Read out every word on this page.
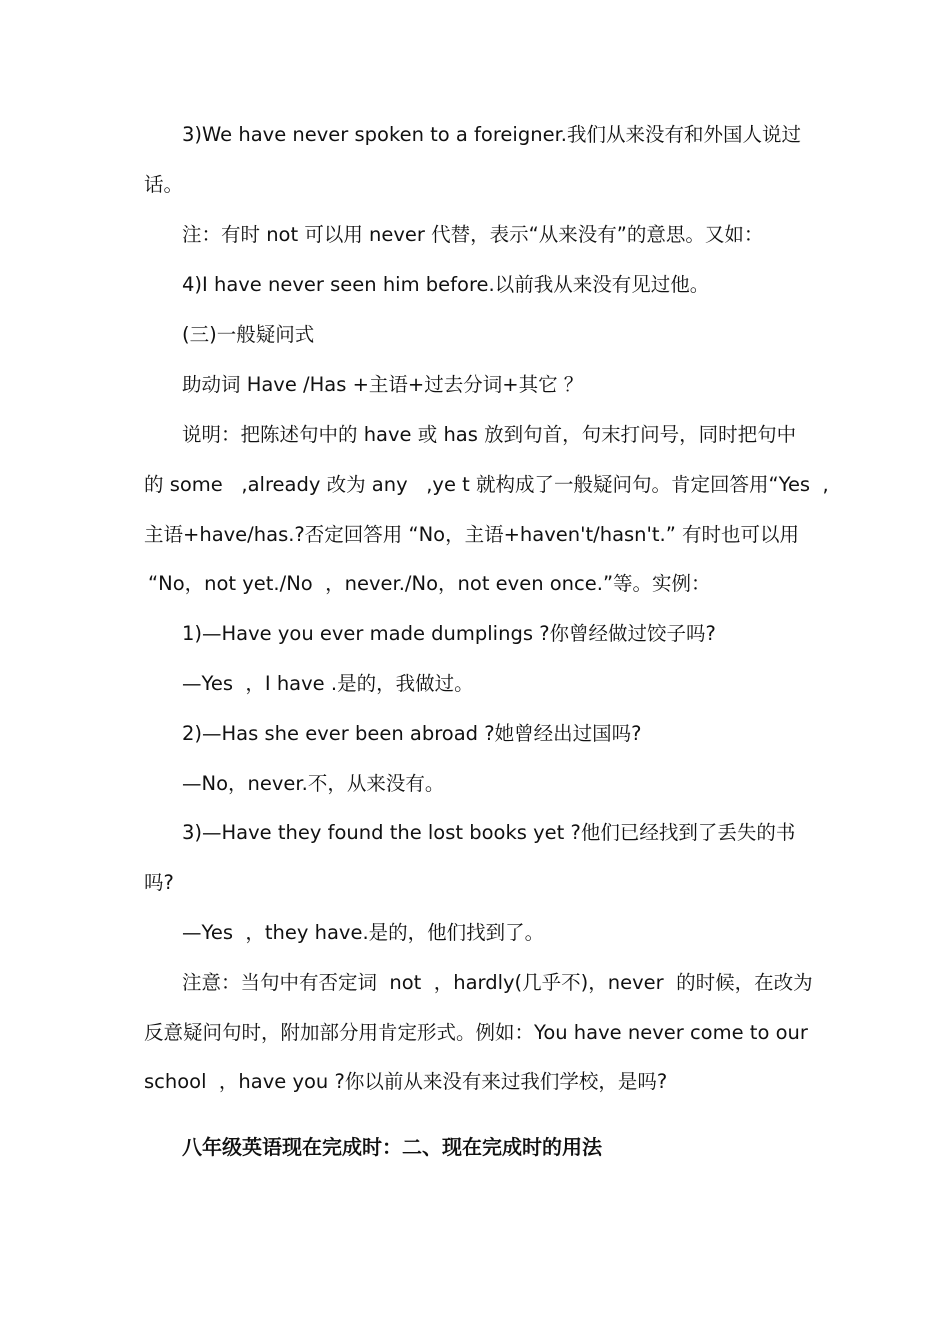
3)We have never spoken to a foreigner.我们从来没有和外国人说过
话。
注：有时 not 可以用 never 代替，表示“从来没有”的意思。又如：
4)I have never seen him before.以前我从来没有见过他。
(三)一般疑问式
助动词 Have /Has +主语+过去分词+其它 ？
说明：把陈述句中的 have 或 has 放到句首，句末打问号，同时把句中
的 some   ,already 改为 any   ,ye t 就构成了一般疑问句。肯定回答用“Yes  ,
主语+have/has.?否定回答用 “No，主语+haven't/hasn't.” 有时也可以用
“No，not yet./No  ，never./No，not even once.”等。实例：
1)—Have you ever made dumplings ?你曾经做过饺子吗?
—Yes  ，I have .是的，我做过。
2)—Has she ever been abroad ?她曾经出过国吗?
—No，never.不，从来没有。
3)—Have they found the lost books yet ?他们已经找到了丢失的书
吗?
—Yes  ，they have.是的，他们找到了。
注意：当句中有否定词  not  ，hardly(几乎不)，never  的时候，在改为
反意疑问句时，附加部分用肯定形式。例如：You have never come to our
school  ，have you ?你以前从来没有来过我们学校，是吗?
八年级英语现在完成时：二、现在完成时的用法
